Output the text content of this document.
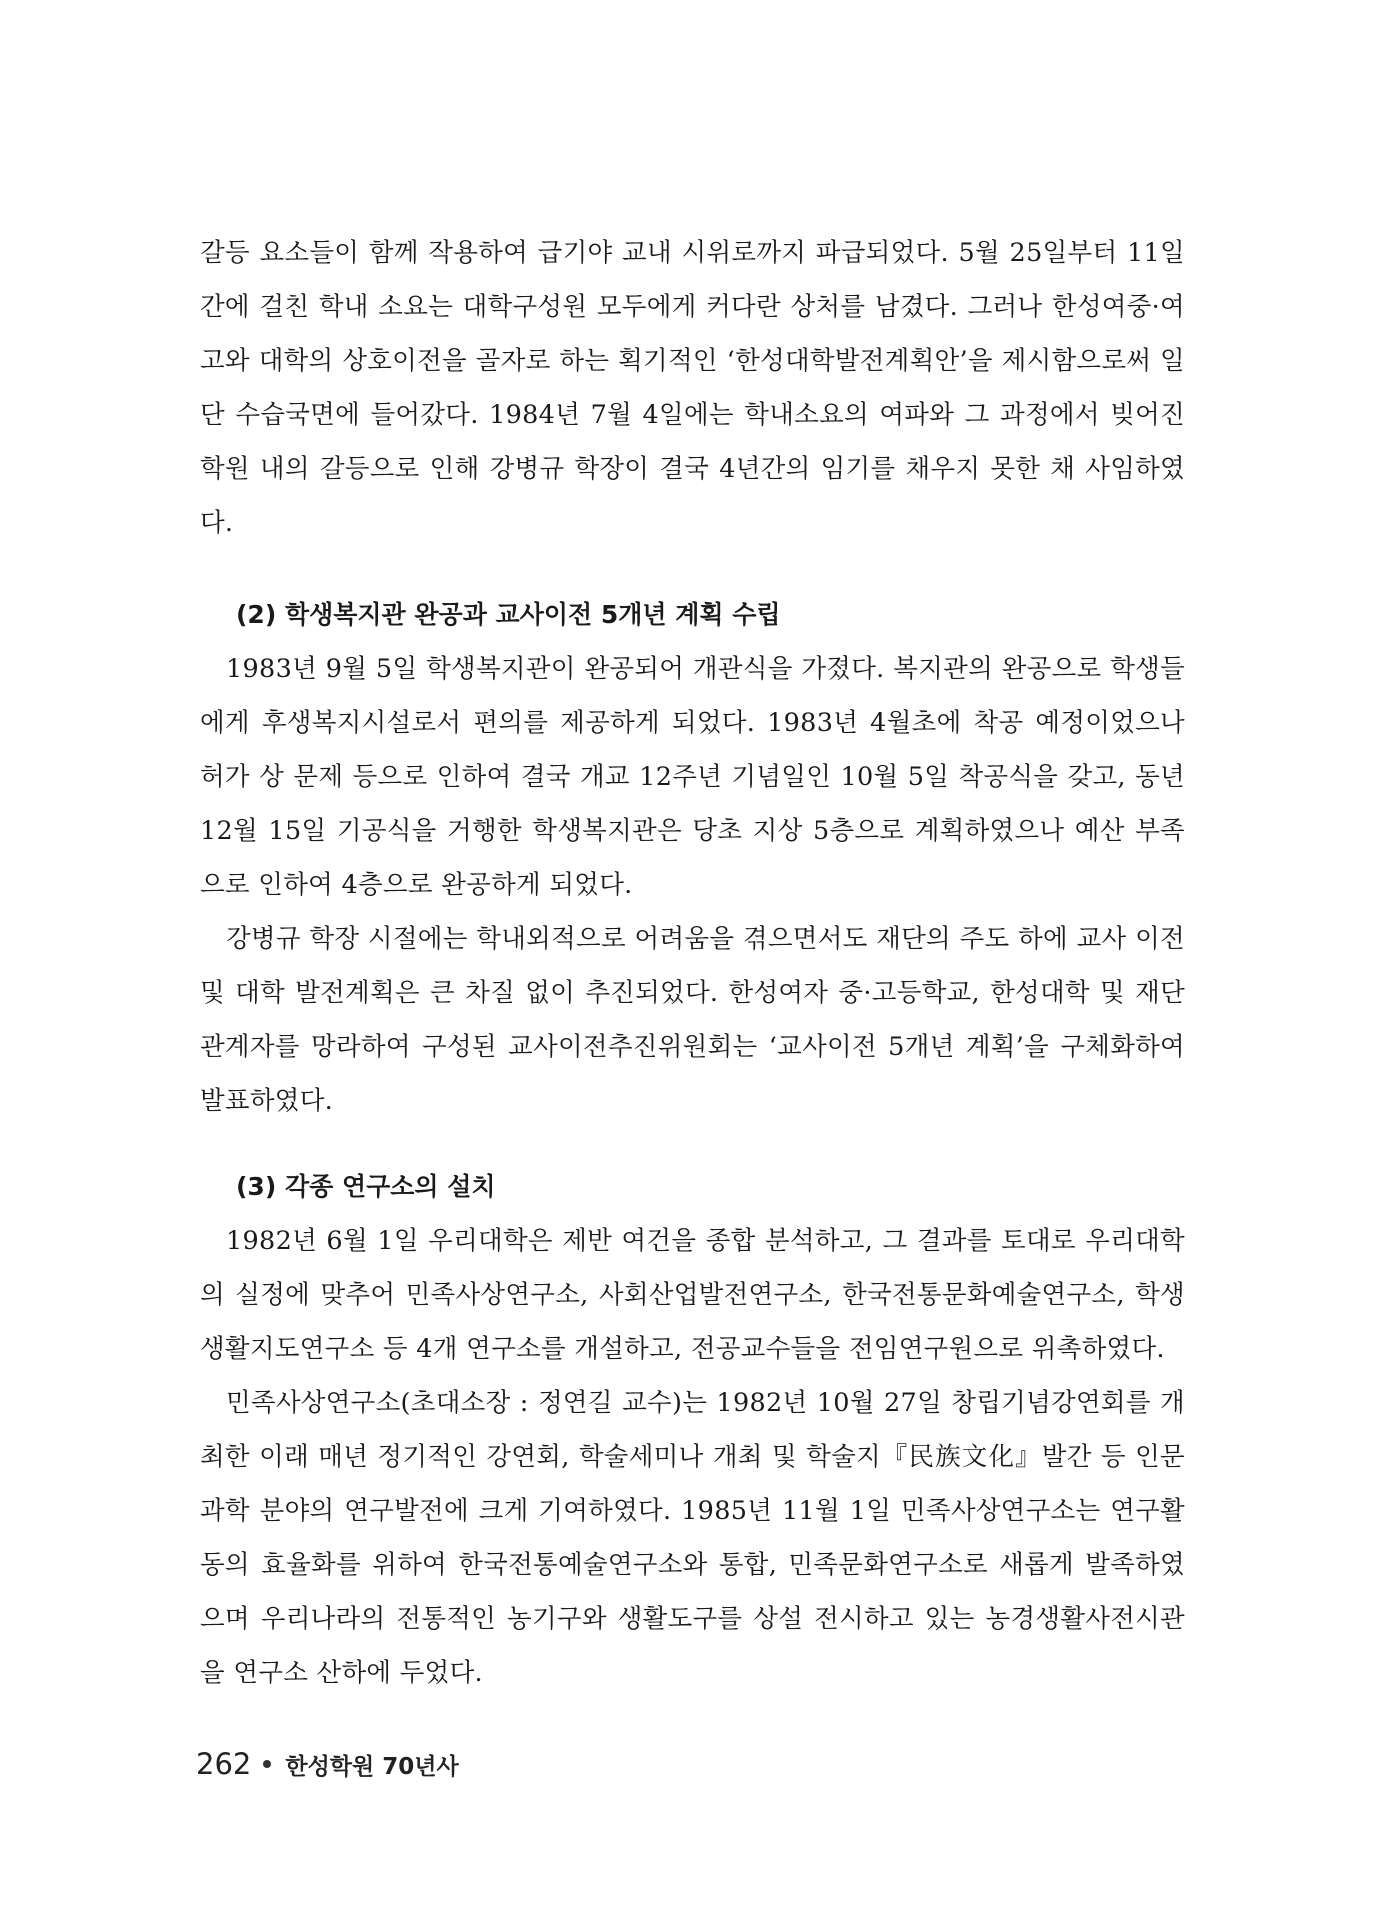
갈등 요소들이 함께 작용하여 급기야 교내 시위로까지 파급되었다. 5월 25일부터 11일간에 걸친 학내 소요는 대학구성원 모두에게 커다란 상처를 남겼다. 그러나 한성여중·여고와 대학의 상호이전을 골자로 하는 획기적인 ‘한성대학발전계획안’을 제시함으로써 일단 수습국면에 들어갔다. 1984년 7월 4일에는 학내소요의 여파와 그 과정에서 빚어진 학원 내의 갈등으로 인해 강병규 학장이 결국 4년간의 임기를 채우지 못한 채 사임하였다.

(2) 학생복지관 완공과 교사이전 5개년 계획 수립

1983년 9월 5일 학생복지관이 완공되어 개관식을 가졌다. 복지관의 완공으로 학생들에게 후생복지시설로서 편의를 제공하게 되었다. 1983년 4월초에 착공 예정이었으나 허가 상 문제 등으로 인하여 결국 개교 12주년 기념일인 10월 5일 착공식을 갖고, 동년 12월 15일 기공식을 거행한 학생복지관은 당초 지상 5층으로 계획하였으나 예산 부족으로 인하여 4층으로 완공하게 되었다.

강병규 학장 시절에는 학내외적으로 어려움을 겪으면서도 재단의 주도 하에 교사 이전 및 대학 발전계획은 큰 차질 없이 추진되었다. 한성여자 중·고등학교, 한성대학 및 재단 관계자를 망라하여 구성된 교사이전추진위원회는 ‘교사이전 5개년 계획’을 구체화하여 발표하였다.

(3) 각종 연구소의 설치

1982년 6월 1일 우리대학은 제반 여건을 종합 분석하고, 그 결과를 토대로 우리대학의 실정에 맞추어 민족사상연구소, 사회산업발전연구소, 한국전통문화예술연구소, 학생생활지도연구소 등 4개 연구소를 개설하고, 전공교수들을 전임연구원으로 위촉하였다.

민족사상연구소(초대소장 : 정연길 교수)는 1982년 10월 27일 창립기념강연회를 개최한 이래 매년 정기적인 강연회, 학술세미나 개최 및 학술지『民族文化』발간 등 인문과학 분야의 연구발전에 크게 기여하였다. 1985년 11월 1일 민족사상연구소는 연구활동의 효율화를 위하여 한국전통예술연구소와 통합, 민족문화연구소로 새롭게 발족하였으며 우리나라의 전통적인 농기구와 생활도구를 상설 전시하고 있는 농경생활사전시관을 연구소 산하에 두었다.

262 한성학원 70년사
